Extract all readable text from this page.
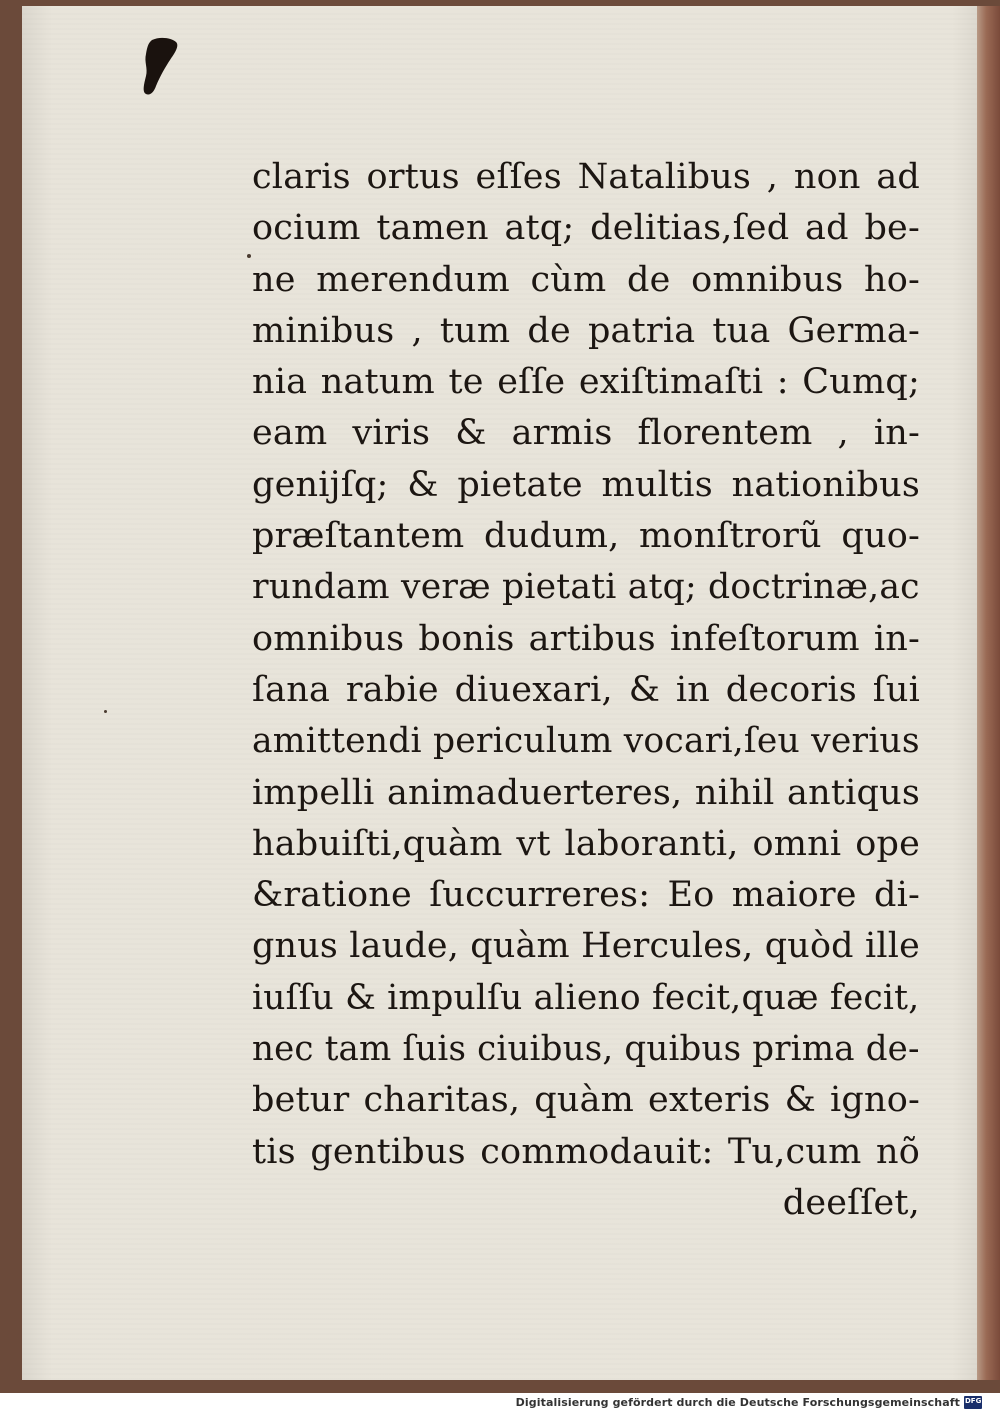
claris ortus eſſes Natalibus , non ad
ocium tamen atq; delitias,ſed ad be-
ne merendum cùm de omnibus ho-
minibus , tum de patria tua Germa-
nia natum te eſſe exiſtimaſti : Cumq;
eam viris & armis florentem , in-
genijſq; & pietate multis nationibus
præſtantem dudum, monſtrorũ quo-
rundam veræ pietati atq; doctrinæ,ac
omnibus bonis artibus infeſtorum in-
ſana rabie diuexari, & in decoris ſui
amittendi periculum vocari,ſeu verius
impelli animaduerteres, nihil antiqus
habuiſti,quàm vt laboranti, omni ope
&ratione ſuccurreres: Eo maiore di-
gnus laude, quàm Hercules, quòd ille
iuſſu & impulſu alieno fecit,quæ fecit,
nec tam ſuis ciuibus, quibus prima de-
betur charitas, quàm exteris & igno-
tis gentibus commodauit: Tu,cum nõ
deeſſet,
Digitalisierung gefördert durch die Deutsche Forschungsgemeinschaft DFG
